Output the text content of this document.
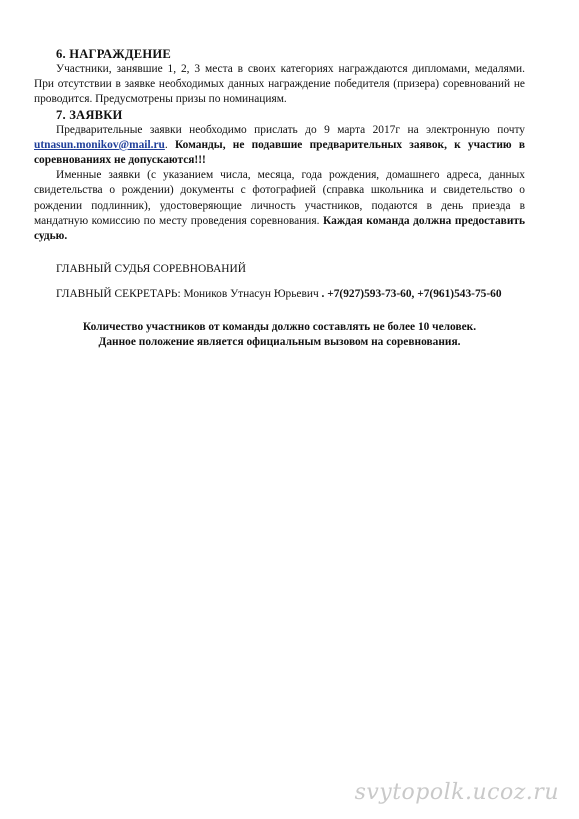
6. НАГРАЖДЕНИЕ

Участники, занявшие 1, 2, 3 места в своих категориях награждаются дипломами, медалями. При отсутствии в заявке необходимых данных награждение победителя (призера) соревнований не проводится. Предусмотрены призы по номинациям.

7. ЗАЯВКИ

Предварительные заявки необходимо прислать до 9 марта 2017г на электронную почту utnasun.monikov@mail.ru. Команды, не подавшие предварительных заявок, к участию в соревнованиях не допускаются!!!

Именные заявки (с указанием числа, месяца, года рождения, домашнего адреса, данных свидетельства о рождении) документы с фотографией (справка школьника и свидетельство о рождении подлинник), удостоверяющие личность участников, подаются в день приезда в мандатную комиссию по месту проведения соревнования. Каждая команда должна предоставить судью.

ГЛАВНЫЙ СУДЬЯ СОРЕВНОВАНИЙ
ГЛАВНЫЙ СЕКРЕТАРЬ: Моников Утнасун Юрьевич . +7(927)593-73-60, +7(961)543-75-60
Количество участников от команды должно составлять не более 10 человек.
Данное положение является официальным вызовом на соревнования.
svytopolk.ucoz.ru
